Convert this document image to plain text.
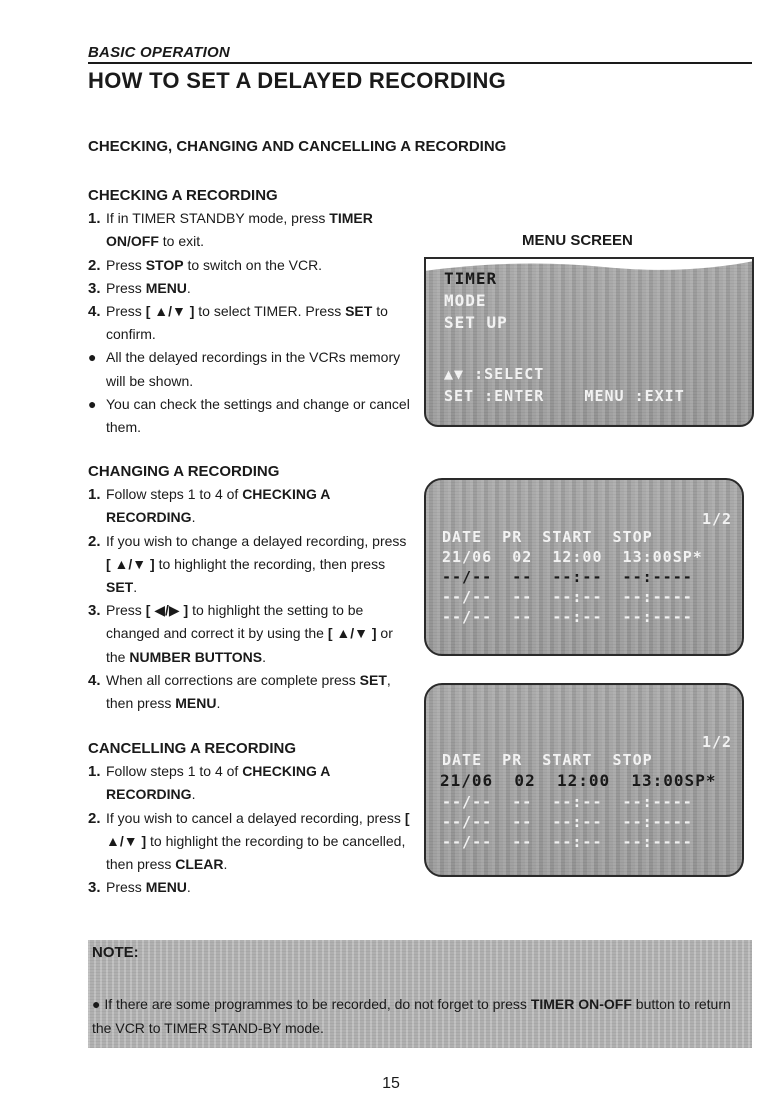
BASIC OPERATION
HOW TO SET A DELAYED RECORDING
CHECKING, CHANGING AND CANCELLING A RECORDING
CHECKING A RECORDING
1. If in TIMER STANDBY mode, press TIMER ON/OFF to exit.
2. Press STOP to switch on the VCR.
3. Press MENU.
4. Press [ ▲/▼ ] to select TIMER. Press SET to confirm.
● All the delayed recordings in the VCRs memory will be shown.
● You can check the settings and change or cancel them.
CHANGING A RECORDING
1. Follow steps 1 to 4 of CHECKING A RECORDING.
2. If you wish to change a delayed recording, press [ ▲/▼ ] to highlight the recording, then press SET.
3. Press [ ◀/▶ ] to highlight the setting to be changed and correct it by using the [ ▲/▼ ] or the NUMBER BUTTONS.
4. When all corrections are complete press SET, then press MENU.
CANCELLING A RECORDING
1. Follow steps 1 to 4 of CHECKING A RECORDING.
2. If you wish to cancel a delayed recording, press [ ▲/▼ ] to highlight the recording to be cancelled, then press CLEAR.
3. Press MENU.
MENU SCREEN
TIMER
MODE
SET UP
▲▼ :SELECT
SET :ENTER    MENU :EXIT
1/2
DATE  PR  START  STOP
21/06  02  12:00  13:00SP*
--/--  --  --:--  --:----
--/--  --  --:--  --:----
--/--  --  --:--  --:----
1/2
DATE  PR  START  STOP
21/06  02  12:00  13:00SP*
--/--  --  --:--  --:----
--/--  --  --:--  --:----
--/--  --  --:--  --:----
NOTE:
● If there are some programmes to be recorded, do not forget to press TIMER ON-OFF button to return the VCR to TIMER STAND-BY mode.
15
